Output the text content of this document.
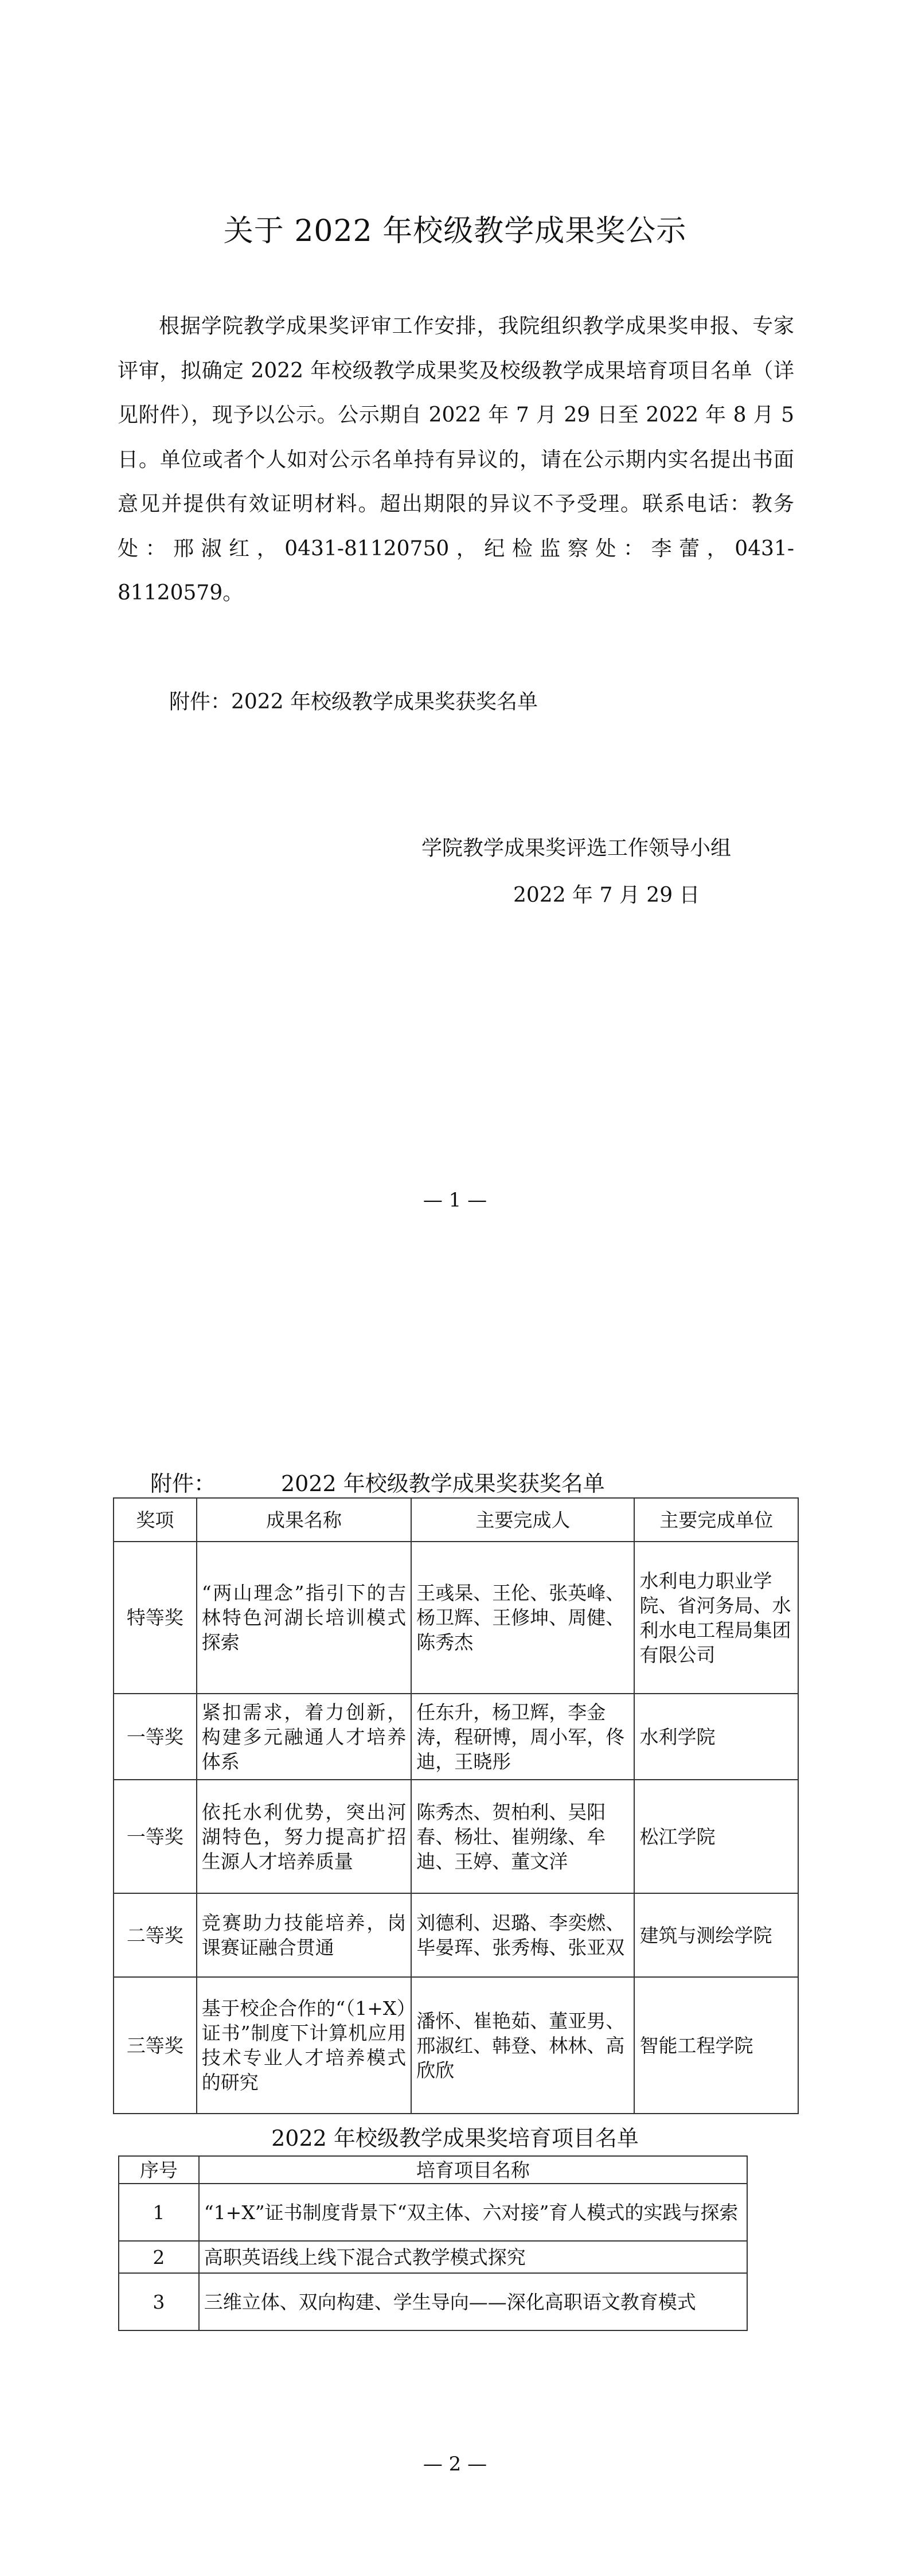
关于 2022 年校级教学成果奖公示

根据学院教学成果奖评审工作安排，我院组织教学成果奖申报、专家评审，拟确定 2022 年校级教学成果奖及校级教学成果培育项目名单（详见附件），现予以公示。公示期自 2022 年 7 月 29 日至 2022 年 8 月 5 日。单位或者个人如对公示名单持有异议的，请在公示期内实名提出书面意见并提供有效证明材料。超出期限的异议不予受理。联系电话：教务处：邢淑红，0431-81120750，纪检监察处：李蕾，0431-81120579。

附件：2022 年校级教学成果奖获奖名单
学院教学成果奖评选工作领导小组
2022 年 7 月 29 日
— 1 —
附件：	2022 年校级教学成果奖获奖名单
奖项	成果名称	主要完成人	主要完成单位
特等奖	“两山理念”指引下的吉林特色河湖长培训模式探索	王彧杲、王伦、张英峰、杨卫辉、王修坤、周健、陈秀杰	水利电力职业学院、省河务局、水利水电工程局集团有限公司
一等奖	紧扣需求，着力创新，构建多元融通人才培养体系	任东升，杨卫辉，李金涛，程研博，周小军，佟迪，王晓彤	水利学院
一等奖	依托水利优势，突出河湖特色，努力提高扩招生源人才培养质量	陈秀杰、贺柏利、吴阳春、杨壮、崔朔缘、牟迪、王婷、董文洋	松江学院
二等奖	竞赛助力技能培养，岗课赛证融合贯通	刘德利、迟璐、李奕燃、毕晏珲、张秀梅、张亚双	建筑与测绘学院
三等奖	基于校企合作的“（1+X）证书”制度下计算机应用技术专业人才培养模式的研究	潘怀、崔艳茹、董亚男、邢淑红、韩登、林林、高欣欣	智能工程学院
2022 年校级教学成果奖培育项目名单
序号	培育项目名称
1	“1+X”证书制度背景下“双主体、六对接”育人模式的实践与探索
2	高职英语线上线下混合式教学模式探究
3	三维立体、双向构建、学生导向——深化高职语文教育模式
— 2 —
